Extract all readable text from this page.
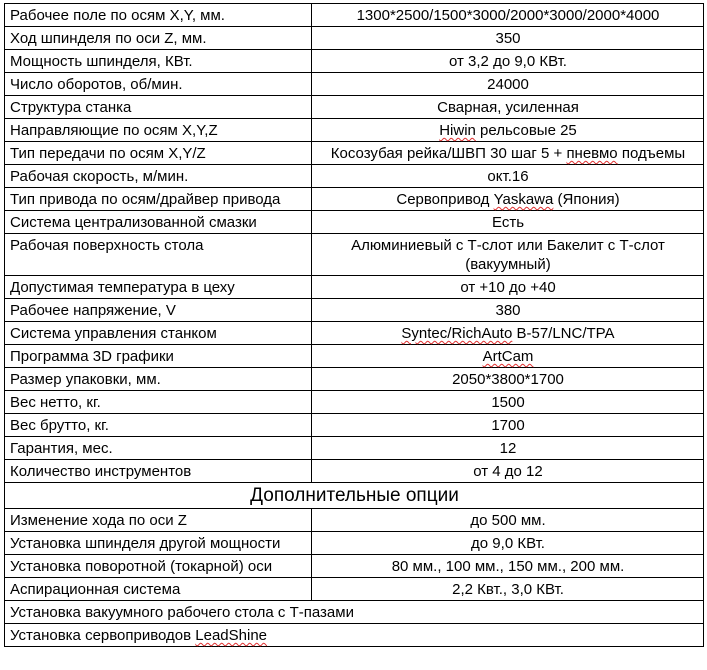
Рабочее поле по осям X,Y, мм.	1300*2500/1500*3000/2000*3000/2000*4000
Ход шпинделя по оси Z, мм.	350
Мощность шпинделя, КВт.	от 3,2 до 9,0 КВт.
Число оборотов, об/мин.	24000
Структура станка	Сварная, усиленная
Направляющие по осям X,Y,Z	Hiwin рельсовые 25
Тип передачи по осям X,Y/Z	Косозубая рейка/ШВП 30 шаг 5 + пневмо подъемы
Рабочая скорость, м/мин.	окт.16
Тип привода по осям/драйвер привода	Сервопривод Yaskawa (Япония)
Система централизованной смазки	Есть
Рабочая поверхность стола	Алюминиевый с Т-слот или Бакелит с Т-слот (вакуумный)
Допустимая температура в цеху	от +10 до +40
Рабочее напряжение, V	380
Система управления станком	Syntec/RichAuto B-57/LNC/TPA
Программа 3D графики	ArtCam
Размер упаковки, мм.	2050*3800*1700
Вес нетто, кг.	1500
Вес брутто, кг.	1700
Гарантия, мес.	12
Количество инструментов	от 4 до 12
Дополнительные опции	
Изменение хода по оси Z	до 500 мм.
Установка шпинделя другой мощности	до 9,0 КВт.
Установка поворотной (токарной) оси	80 мм., 100 мм., 150 мм., 200 мм.
Аспирационная система	2,2 Квт., 3,0 КВт.
Установка вакуумного рабочего стола с Т-пазами	
Установка сервоприводов LeadShine	
